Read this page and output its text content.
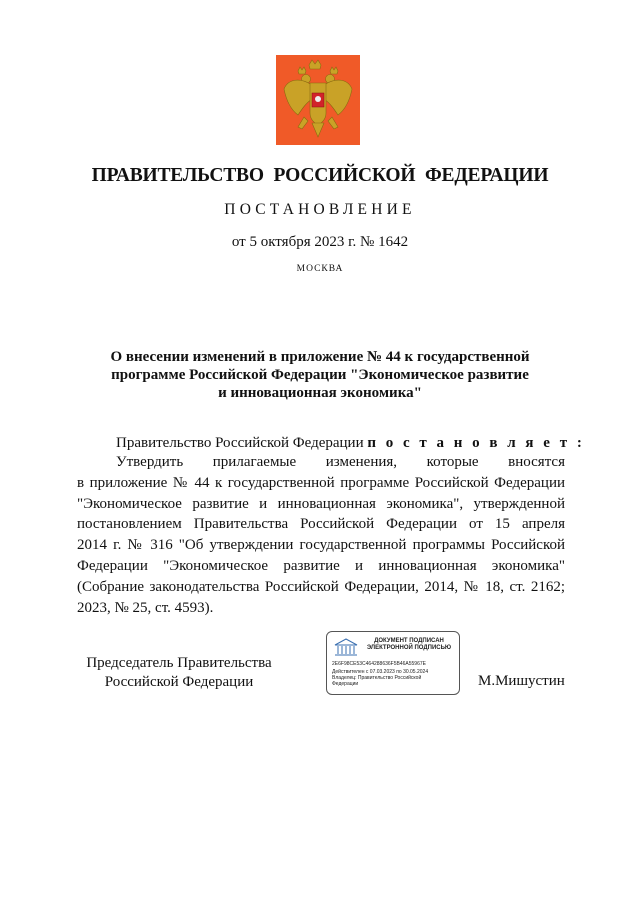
ПРАВИТЕЛЬСТВО РОССИЙСКОЙ ФЕДЕРАЦИИ
ПОСТАНОВЛЕНИЕ
от 5 октября 2023 г. № 1642
МОСКВА
О внесении изменений в приложение № 44 к государственной
программе Российской Федерации "Экономическое развитие
и инновационная экономика"
Правительство Российской Федерации п о с т а н о в л я е т :
Утвердить прилагаемые изменения, которые вносятся
в приложение № 44 к государственной программе Российской Федерации
"Экономическое развитие и инновационная экономика", утвержденной
постановлением Правительства Российской Федерации от 15 апреля
2014 г. № 316 "Об утверждении государственной программы Российской
Федерации "Экономическое развитие и инновационная экономика"
(Собрание законодательства Российской Федерации, 2014, № 18, ст. 2162;
2023, № 25, ст. 4593).
Председатель Правительства
Российской Федерации
ДОКУМЕНТ ПОДПИСАН
ЭЛЕКТРОННОЙ ПОДПИСЬЮ
2E6F98CE53C464288636F5B46A55967E
Действителен с 07.03.2023 по 30.05.2024
Владелец: Правительство Российской
Федерации	М.Мишустин
